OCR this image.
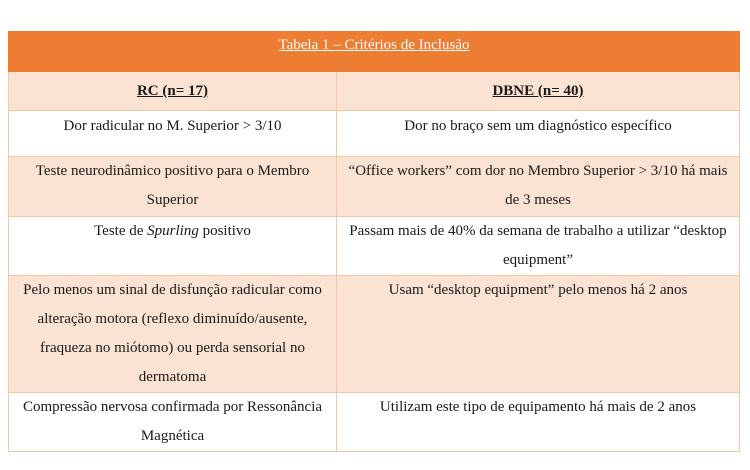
Tabela 1 – Critérios de Inclusão	
RC (n= 17)	DBNE (n= 40)
Dor radicular no M. Superior > 3/10	Dor no braço sem um diagnóstico específico
Teste neurodinâmico positivo para o Membro Superior	“Office workers” com dor no Membro Superior > 3/10 há mais de 3 meses
Teste de Spurling positivo	Passam mais de 40% da semana de trabalho a utilizar “desktop equipment”
Pelo menos um sinal de disfunção radicular como alteração motora (reflexo diminuído/ausente, fraqueza no miótomo) ou perda sensorial no dermatoma	Usam “desktop equipment” pelo menos há 2 anos
Compressão nervosa confirmada por Ressonância Magnética	Utilizam este tipo de equipamento há mais de 2 anos
